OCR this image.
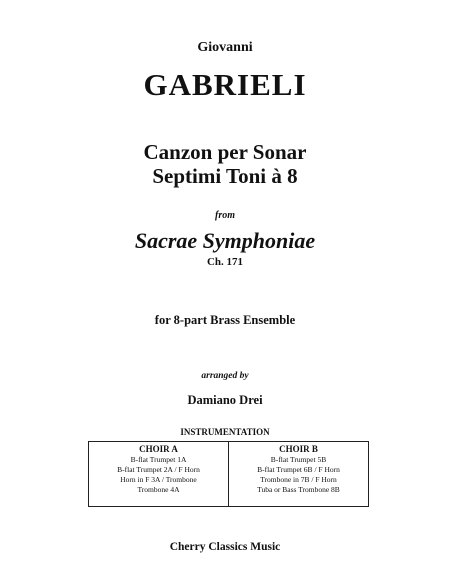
Giovanni
GABRIELI
Canzon per Sonar
Septimi Toni à 8
from
Sacrae Symphoniae
Ch. 171
for 8-part Brass Ensemble
arranged by
Damiano Drei
INSTRUMENTATION
CHOIR A
B-flat Trumpet 1A
B-flat Trumpet 2A / F Horn
Horn in F 3A / Trombone
Trombone 4A
CHOIR B
B-flat Trumpet 5B
B-flat Trumpet 6B / F Horn
Trombone in 7B / F Horn
Tuba or Bass Trombone 8B
Cherry Classics Music
